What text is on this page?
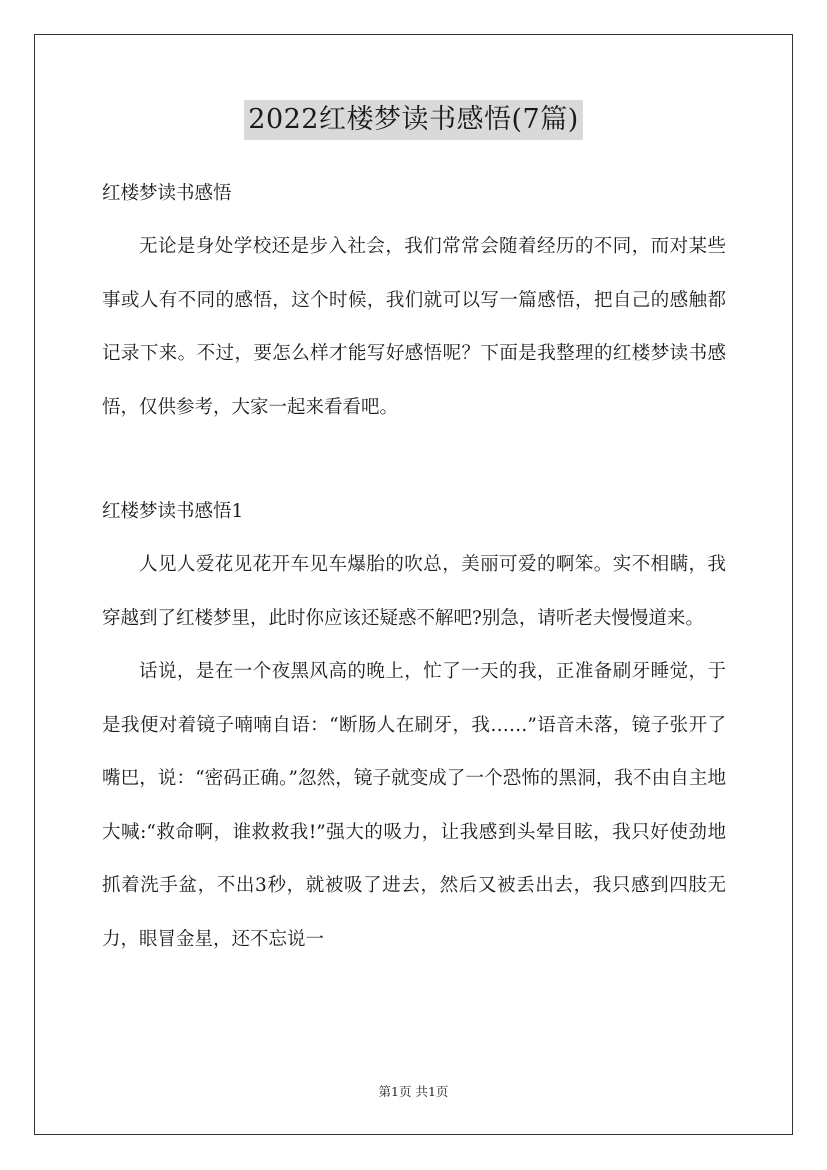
2022红楼梦读书感悟(7篇)

红楼梦读书感悟

无论是身处学校还是步入社会，我们常常会随着经历的不同，而对某些事或人有不同的感悟，这个时候，我们就可以写一篇感悟，把自己的感触都记录下来。不过，要怎么样才能写好感悟呢？下面是我整理的红楼梦读书感悟，仅供参考，大家一起来看看吧。

红楼梦读书感悟1

人见人爱花见花开车见车爆胎的吹总，美丽可爱的啊笨。实不相瞒，我穿越到了红楼梦里，此时你应该还疑惑不解吧?别急，请听老夫慢慢道来。

话说，是在一个夜黑风高的晚上，忙了一天的我，正准备刷牙睡觉，于是我便对着镜子喃喃自语：“断肠人在刷牙，我……”语音未落，镜子张开了嘴巴，说：“密码正确。”忽然，镜子就变成了一个恐怖的黑洞，我不由自主地大喊:“救命啊，谁救救我!”强大的吸力，让我感到头晕目眩，我只好使劲地抓着洗手盆，不出3秒，就被吸了进去，然后又被丢出去，我只感到四肢无力，眼冒金星，还不忘说一

第1页 共1页
